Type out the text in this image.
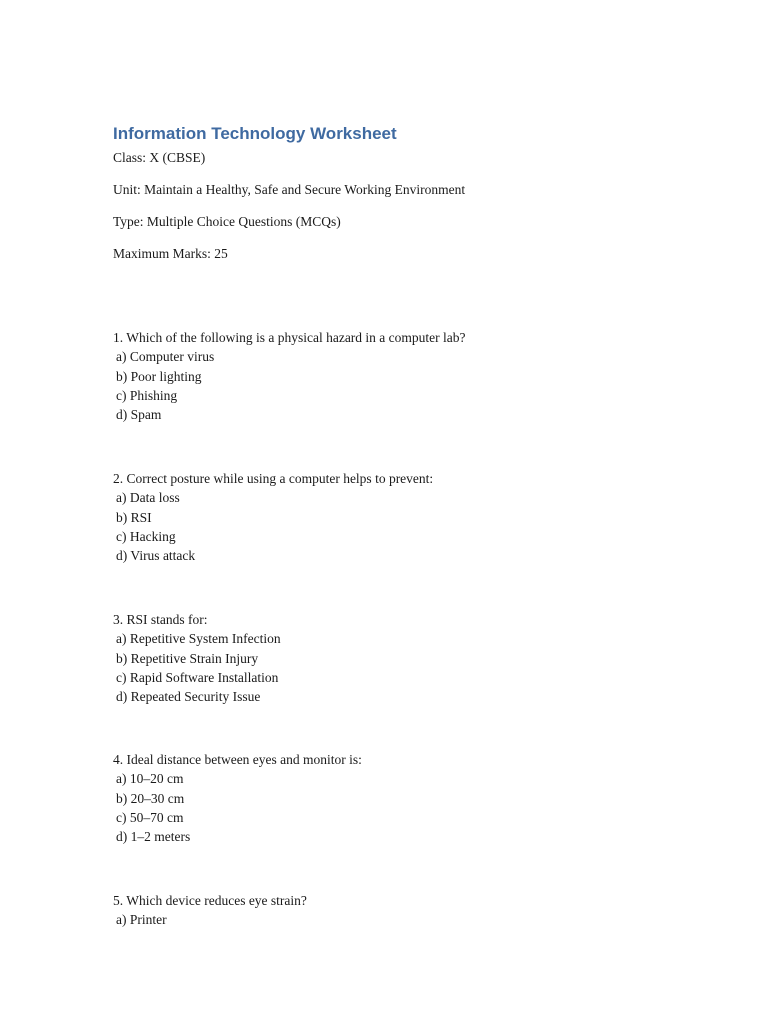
Information Technology Worksheet
Class: X (CBSE)
Unit: Maintain a Healthy, Safe and Secure Working Environment
Type: Multiple Choice Questions (MCQs)
Maximum Marks: 25
1. Which of the following is a physical hazard in a computer lab?
a) Computer virus
b) Poor lighting
c) Phishing
d) Spam
2. Correct posture while using a computer helps to prevent:
a) Data loss
b) RSI
c) Hacking
d) Virus attack
3. RSI stands for:
a) Repetitive System Infection
b) Repetitive Strain Injury
c) Rapid Software Installation
d) Repeated Security Issue
4. Ideal distance between eyes and monitor is:
a) 10–20 cm
b) 20–30 cm
c) 50–70 cm
d) 1–2 meters
5. Which device reduces eye strain?
a) Printer
